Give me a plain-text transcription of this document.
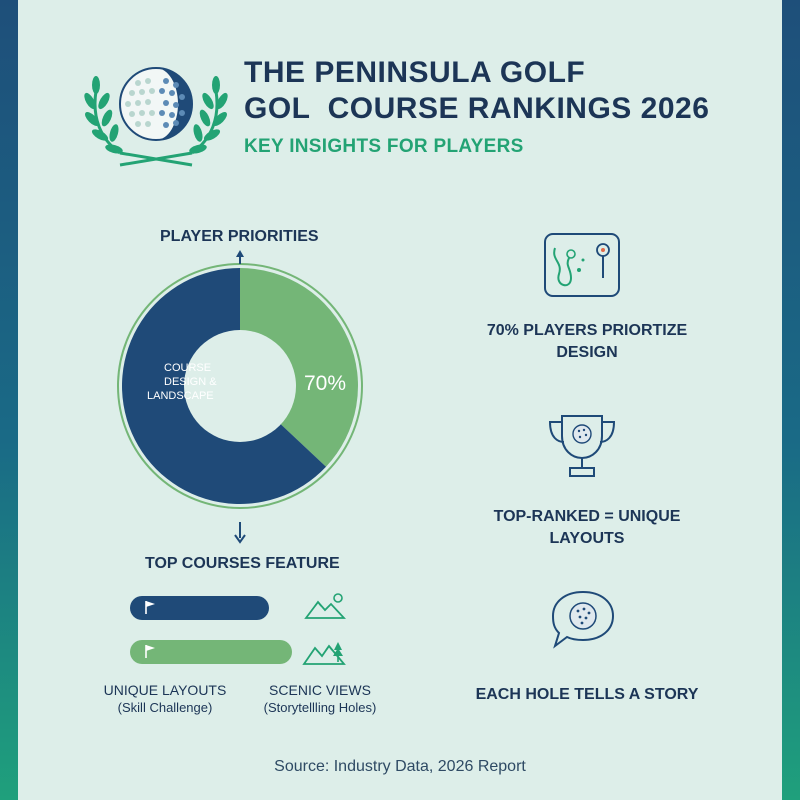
THE PENINSULA GOLF
GOL  COURSE RANKINGS 2026
KEY INSIGHTS FOR PLAYERS
PLAYER PRIORITIES
COURSE DESIGN & LANDSCAPE
70%
TOP COURSES FEATURE
UNIQUE LAYOUTS
(Skill Challenge)
SCENIC VIEWS
(Storytellling Holes)
70% PLAYERS PRIORTIZE
DESIGN
TOP-RANKED = UNIQUE
LAYOUTS
EACH HOLE TELLS A STORY
Source: Industry Data, 2026 Report
